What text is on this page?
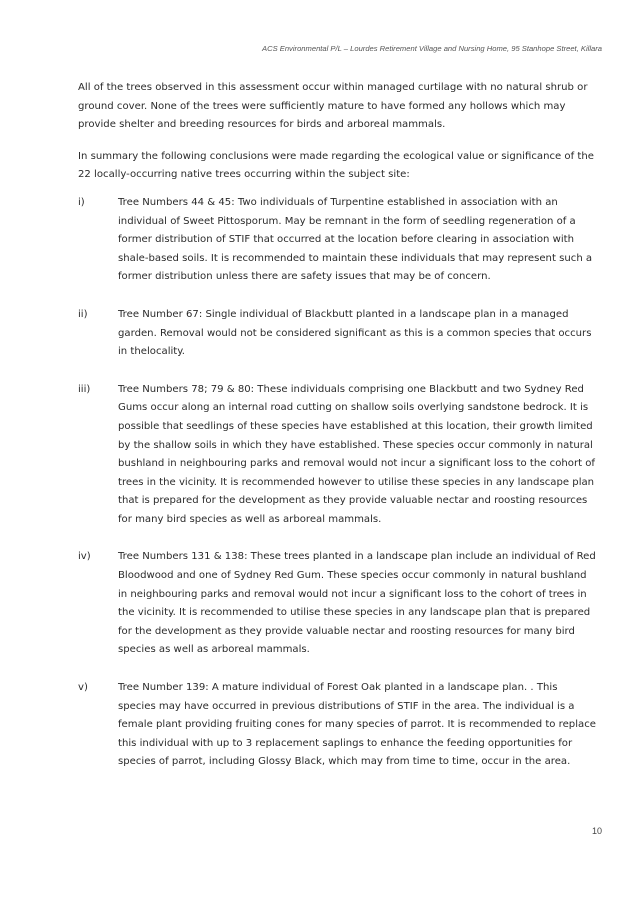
ACS Environmental P/L – Lourdes Retirement Village and Nursing Home, 95 Stanhope Street, Killara

All of the trees observed in this assessment occur within managed curtilage with no natural shrub or ground cover. None of the trees were sufficiently mature to have formed any hollows which may provide shelter and breeding resources for birds and arboreal mammals.

In summary the following conclusions were made regarding the ecological value or significance of the 22 locally-occurring native trees occurring within the subject site:

i)	Tree Numbers 44 & 45: Two individuals of Turpentine established in association with an individual of Sweet Pittosporum. May be remnant in the form of seedling regeneration of a former distribution of STIF that occurred at the location before clearing in association with shale-based soils. It is recommended to maintain these individuals that may represent such a former distribution unless there are safety issues that may be of concern.

ii)	Tree Number 67: Single individual of Blackbutt planted in a landscape plan in a managed garden. Removal would not be considered significant as this is a common species that occurs in thelocality.

iii)	Tree Numbers 78; 79 & 80: These individuals comprising one Blackbutt and two Sydney Red Gums occur along an internal road cutting on shallow soils overlying sandstone bedrock. It is possible that seedlings of these species have established at this location, their growth limited by the shallow soils in which they have established. These species occur commonly in natural bushland in neighbouring parks and removal would not incur a significant loss to the cohort of trees in the vicinity. It is recommended however to utilise these species in any landscape plan that is prepared for the development as they provide valuable nectar and roosting resources for many bird species as well as arboreal mammals.

iv)	Tree Numbers 131 & 138: These trees planted in a landscape plan include an individual of Red Bloodwood and one of Sydney Red Gum. These species occur commonly in natural bushland in neighbouring parks and removal would not incur a significant loss to the cohort of trees in the vicinity. It is recommended to utilise these species in any landscape plan that is prepared for the development as they provide valuable nectar and roosting resources for many bird species as well as arboreal mammals.

v)	Tree Number 139: A mature individual of Forest Oak planted in a landscape plan. . This species may have occurred in previous distributions of STIF in the area. The individual is a female plant providing fruiting cones for many species of parrot. It is recommended to replace this individual with up to 3 replacement saplings to enhance the feeding opportunities for species of parrot, including Glossy Black, which may from time to time, occur in the area.

10
